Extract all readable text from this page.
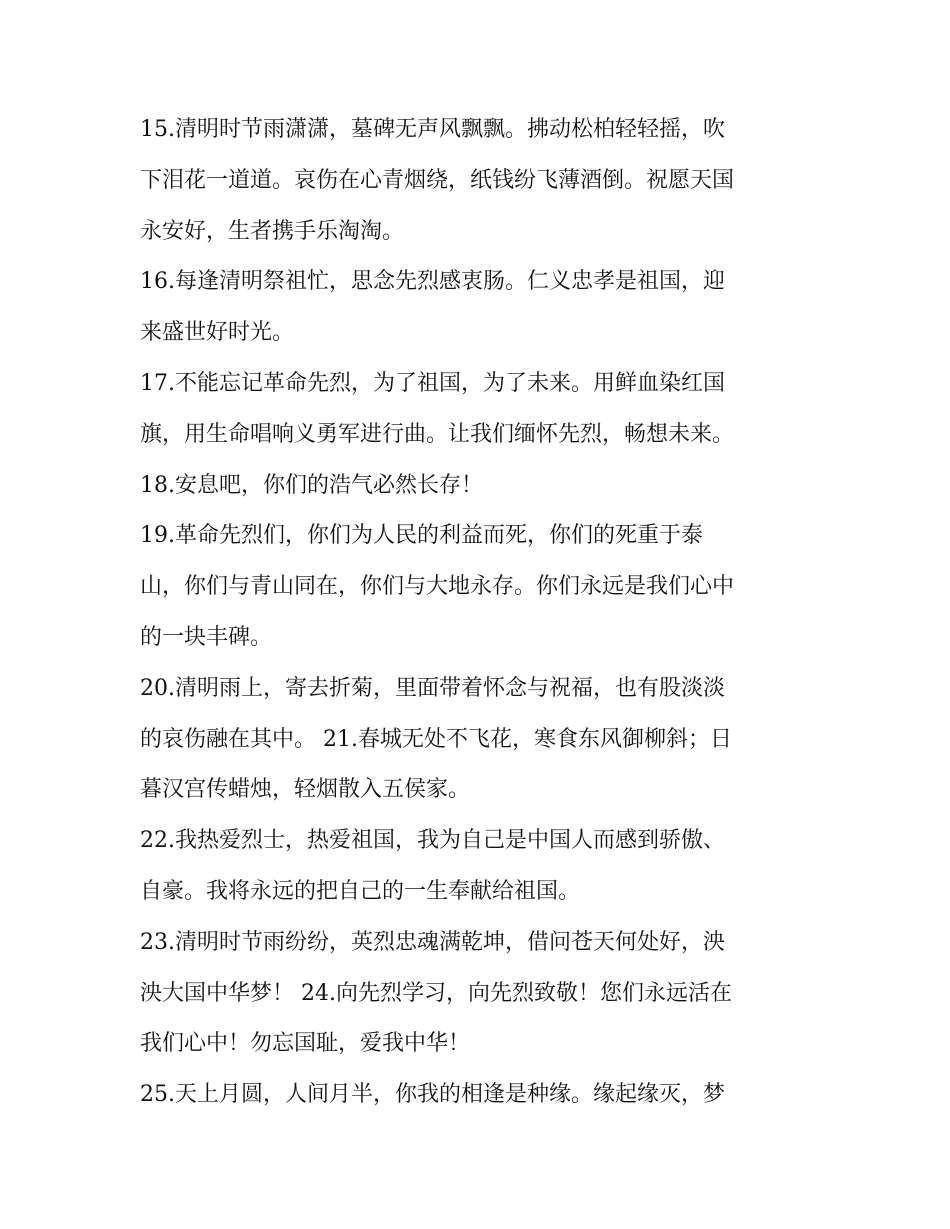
15.清明时节雨潇潇，墓碑无声风飘飘。拂动松柏轻轻摇，吹
下泪花一道道。哀伤在心青烟绕，纸钱纷飞薄酒倒。祝愿天国
永安好，生者携手乐淘淘。
16.每逢清明祭祖忙，思念先烈感衷肠。仁义忠孝是祖国，迎
来盛世好时光。
17.不能忘记革命先烈，为了祖国，为了未来。用鲜血染红国
旗，用生命唱响义勇军进行曲。让我们缅怀先烈，畅想未来。
18.安息吧，你们的浩气必然长存！
19.革命先烈们，你们为人民的利益而死，你们的死重于泰
山，你们与青山同在，你们与大地永存。你们永远是我们心中
的一块丰碑。
20.清明雨上，寄去折菊，里面带着怀念与祝福，也有股淡淡
的哀伤融在其中。 21.春城无处不飞花，寒食东风御柳斜；日
暮汉宫传蜡烛，轻烟散入五侯家。
22.我热爱烈士，热爱祖国，我为自己是中国人而感到骄傲、
自豪。我将永远的把自己的一生奉献给祖国。
23.清明时节雨纷纷，英烈忠魂满乾坤，借问苍天何处好，泱
泱大国中华梦！ 24.向先烈学习，向先烈致敬！您们永远活在
我们心中！勿忘国耻，爱我中华！
25.天上月圆，人间月半，你我的相逢是种缘。缘起缘灭，梦
